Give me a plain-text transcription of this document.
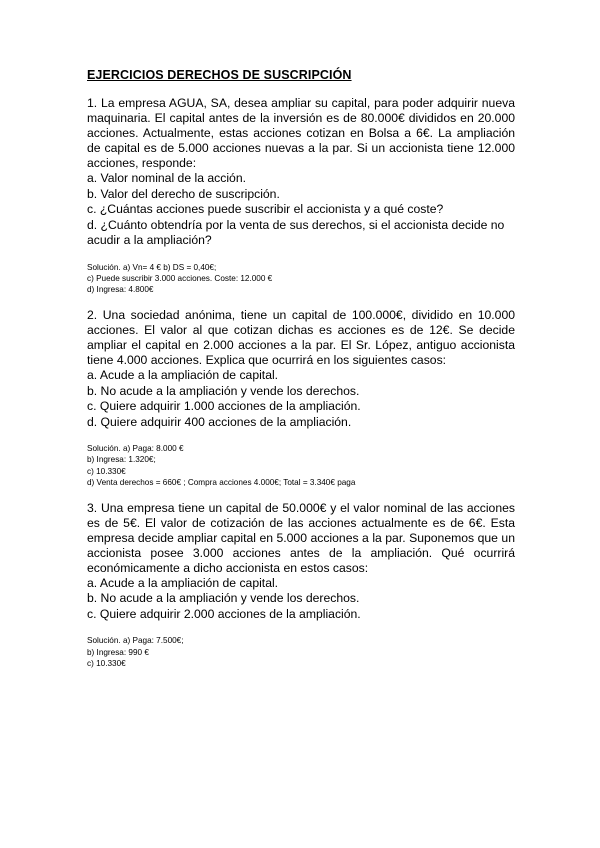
EJERCICIOS DERECHOS DE SUSCRIPCIÓN

1. La empresa AGUA, SA, desea ampliar su capital, para poder adquirir nueva maquinaria. El capital antes de la inversión es de 80.000€ divididos en 20.000 acciones. Actualmente, estas acciones cotizan en Bolsa a 6€. La ampliación de capital es de 5.000 acciones nuevas a la par. Si un accionista tiene 12.000 acciones, responde:

a. Valor nominal de la acción.

b. Valor del derecho de suscripción.

c. ¿Cuántas acciones puede suscribir el accionista y a qué coste?

d. ¿Cuánto obtendría por la venta de sus derechos, si el accionista decide no acudir a la ampliación?

Solución. a) Vn= 4 € b) DS = 0,40€;

c) Puede suscribir 3.000 acciones. Coste: 12.000 €

d) Ingresa: 4.800€

2. Una sociedad anónima, tiene un capital de 100.000€, dividido en 10.000 acciones. El valor al que cotizan dichas es acciones es de 12€. Se decide ampliar el capital en 2.000 acciones a la par. El Sr. López, antiguo accionista tiene 4.000 acciones. Explica que ocurrirá en los siguientes casos:

a. Acude a la ampliación de capital.

b. No acude a la ampliación y vende los derechos.

c. Quiere adquirir 1.000 acciones de la ampliación.

d. Quiere adquirir 400 acciones de la ampliación.

Solución. a) Paga: 8.000 €

b) Ingresa: 1.320€;

c) 10.330€

d) Venta derechos = 660€ ; Compra acciones 4.000€; Total = 3.340€ paga

3. Una empresa tiene un capital de 50.000€ y el valor nominal de las acciones es de 5€. El valor de cotización de las acciones actualmente es de 6€. Esta empresa decide ampliar capital en 5.000 acciones a la par. Suponemos que un accionista posee 3.000 acciones antes de la ampliación. Qué ocurrirá económicamente a dicho accionista en estos casos:

a. Acude a la ampliación de capital.

b. No acude a la ampliación y vende los derechos.

c. Quiere adquirir 2.000 acciones de la ampliación.

Solución. a) Paga: 7.500€;

b) Ingresa: 990 €

c) 10.330€
